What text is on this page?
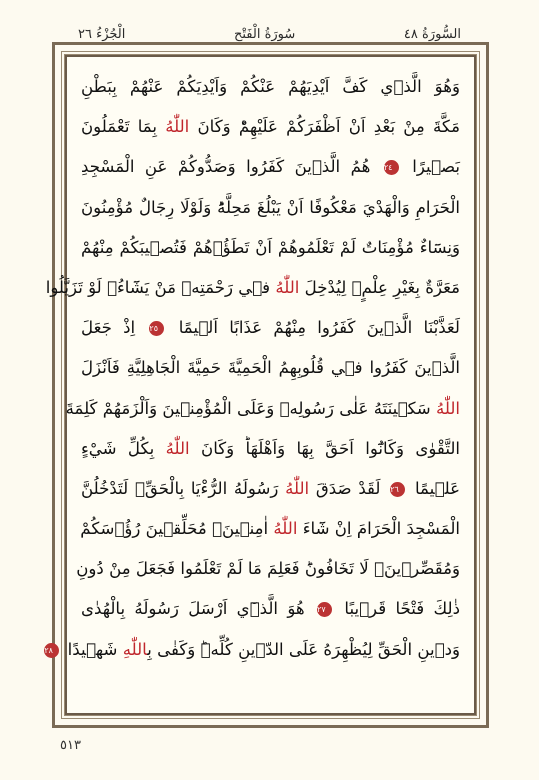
الْجُزْءُ ٢٦	سُورَةُ الْفَتْحِ	السُّورَةُ ٤٨
وَهُوَ الَّذ۪ي كَفَّ اَيْدِيَهُمْ عَنْكُمْ وَاَيْدِيَكُمْ عَنْهُمْ بِبَطْنِ
مَكَّةَ مِنْ بَعْدِ اَنْ اَظْفَرَكُمْ عَلَيْهِمْؕ وَكَانَ اللّٰهُ بِمَا تَعْمَلُونَ
بَص۪يرًا ٢٤ هُمُ الَّذ۪ينَ كَفَرُوا وَصَدُّوكُمْ عَنِ الْمَسْجِدِ
الْحَرَامِ وَالْهَدْيَ مَعْكُوفًا اَنْ يَبْلُغَ مَحِلَّهُؕ وَلَوْلَا رِجَالٌ مُؤْمِنُونَ
وَنِسَٓاءٌ مُؤْمِنَاتٌ لَمْ تَعْلَمُوهُمْ اَنْ تَطَؤُ۫هُمْ فَتُص۪يبَكُمْ مِنْهُمْ
مَعَرَّةٌ بِغَيْرِ عِلْمٍۚ لِيُدْخِلَ اللّٰهُ ف۪ي رَحْمَتِه۪ مَنْ يَشَٓاءُۚ لَوْ تَزَيَّلُوا
لَعَذَّبْنَا الَّذ۪ينَ كَفَرُوا مِنْهُمْ عَذَابًا اَل۪يمًا ٢٥ اِذْ جَعَلَ
الَّذ۪ينَ كَفَرُوا ف۪ي قُلُوبِهِمُ الْحَمِيَّةَ حَمِيَّةَ الْجَاهِلِيَّةِ فَاَنْزَلَ
اللّٰهُ سَك۪ينَتَهُ عَلٰى رَسُولِه۪ وَعَلَى الْمُؤْمِن۪ينَ وَاَلْزَمَهُمْ كَلِمَةَ
التَّقْوٰى وَكَانُٓوا اَحَقَّ بِهَا وَاَهْلَهَاؕ وَكَانَ اللّٰهُ بِكُلِّ شَيْءٍ
عَل۪يمًا ٢٦ لَقَدْ صَدَقَ اللّٰهُ رَسُولَهُ الرُّءْيَا بِالْحَقِّۚ لَتَدْخُلُنَّ
الْمَسْجِدَ الْحَرَامَ اِنْ شَٓاءَ اللّٰهُ اٰمِن۪ينَۙ مُحَلِّق۪ينَ رُؤُ۫سَكُمْ
وَمُقَصِّر۪ينَۙ لَا تَخَافُونَؕ فَعَلِمَ مَا لَمْ تَعْلَمُوا فَجَعَلَ مِنْ دُونِ
ذٰلِكَ فَتْحًا قَر۪يبًا ٢٧ هُوَ الَّذ۪ٓي اَرْسَلَ رَسُولَهُ بِالْهُدٰى
وَد۪ينِ الْحَقِّ لِيُظْهِرَهُ عَلَى الدّ۪ينِ كُلِّه۪ؕ وَكَفٰى بِاللّٰهِ شَه۪يدًا ٢٨
٥١٣
